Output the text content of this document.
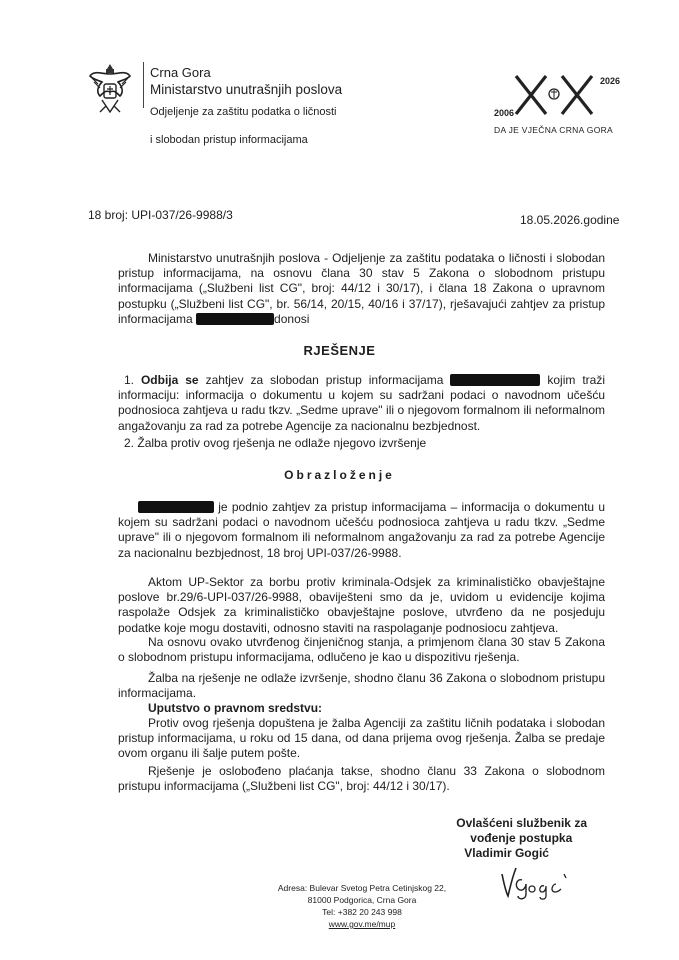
Crna Gora
Ministarstvo unutrašnjih poslova
Odjeljenje za zaštitu podatka o ličnosti
i slobodan pristup informacijama
2006
2026
DA JE VJEČNA CRNA GORA
18 broj: UPI-037/26-9988/3	18.05.2026.godine
Ministarstvo unutrašnjih poslova - Odjeljenje za zaštitu podataka o ličnosti i slobodan pristup informacijama, na osnovu člana 30 stav 5 Zakona o slobodnom pristupu informacijama („Službeni list CG", broj: 44/12 i 30/17), i člana 18 Zakona o upravnom postupku („Službeni list CG", br. 56/14, 20/15, 40/16 i 37/17), rješavajući zahtjev za pristup informacijama	donosi
RJEŠENJE
1. Odbija se zahtjev za slobodan pristup informacijama	kojim traži informaciju: informacija o dokumentu u kojem su sadržani podaci o navodnom učešću podnosioca zahtjeva u radu tkzv. „Sedme uprave" ili o njegovom formalnom ili neformalnom angažovanju za rad za potrebe Agencije za nacionalnu bezbjednost.
2. Žalba protiv ovog rješenja ne odlaže njegovo izvršenje
Obrazloženje
je podnio zahtjev za pristup informacijama – informacija o dokumentu u kojem su sadržani podaci o navodnom učešću podnosioca zahtjeva u radu tkzv. „Sedme uprave" ili o njegovom formalnom ili neformalnom angažovanju za rad za potrebe Agencije za nacionalnu bezbjednost, 18 broj UPI-037/26-9988.
Aktom UP-Sektor za borbu protiv kriminala-Odsjek za kriminalističko obavještajne poslove br.29/6-UPI-037/26-9988, obaviješteni smo da je, uvidom u evidencije kojima raspolaže Odsjek za kriminalističko obavještajne poslove, utvrđeno da ne posjeduju podatke koje mogu dostaviti, odnosno staviti na raspolaganje podnosiocu zahtjeva.
Na osnovu ovako utvrđenog činjeničnog stanja, a primjenom člana 30 stav 5 Zakona o slobodnom pristupu informacijama, odlučeno je kao u dispozitivu rješenja.
Žalba na rješenje ne odlaže izvršenje, shodno članu 36 Zakona o slobodnom pristupu informacijama.
Uputstvo o pravnom sredstvu:
Protiv ovog rješenja dopuštena je žalba Agenciji za zaštitu ličnih podataka i slobodan pristup informacijama, u roku od 15 dana, od dana prijema ovog rješenja. Žalba se predaje ovom organu ili šalje putem pošte.
Rješenje je oslobođeno plaćanja takse, shodno članu 33 Zakona o slobodnom pristupu informacijama („Službeni list CG", broj: 44/12 i 30/17).
Ovlašćeni službenik za
vođenje postupka
Vladimir Gogić
Adresa: Bulevar Svetog Petra Cetinjskog 22,
81000 Podgorica, Crna Gora
Tel: +382 20 243 998
www.gov.me/mup
